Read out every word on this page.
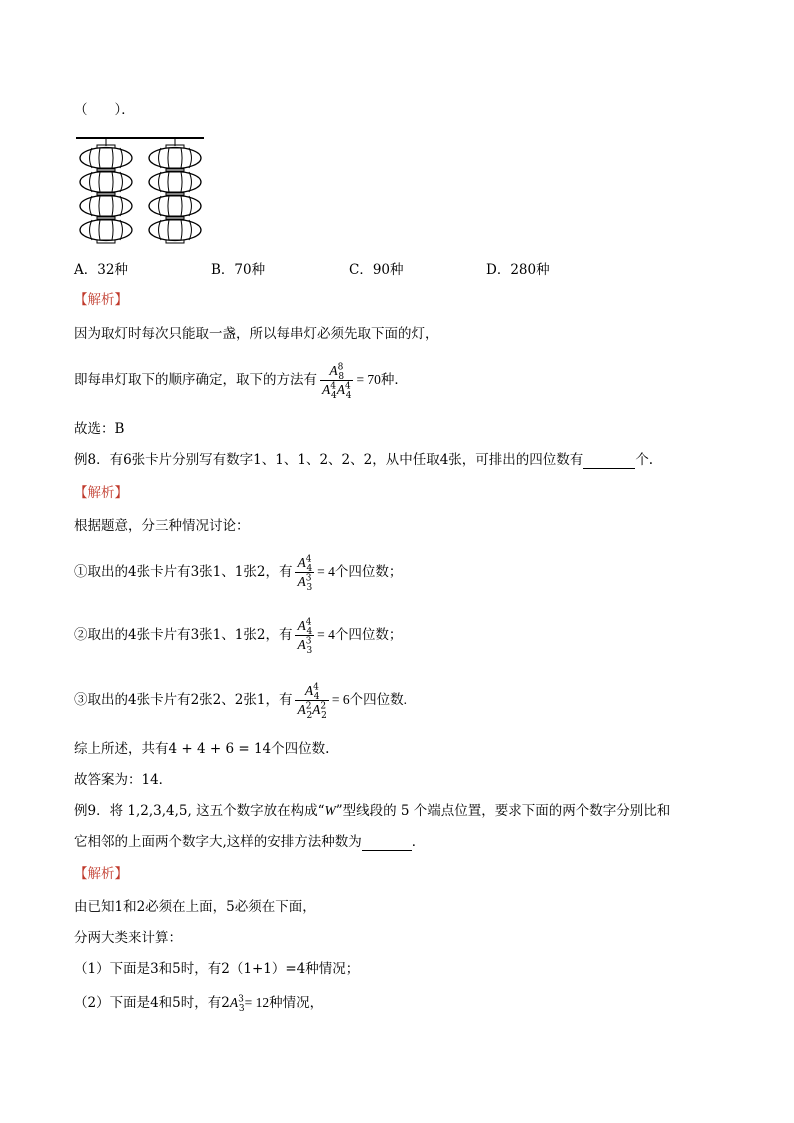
（　　）．
A．32种	B．70种	C．90种	D．280种
【解析】
因为取灯时每次只能取一盏，所以每串灯必须先取下面的灯，
即每串灯取下的顺序确定，取下的方法有 $\frac{A^8_8}{A^4_4A^4_4} = 70$种．
故选：B
例8．有6张卡片分别写有数字1、1、1、2、2、2，从中任取4张，可排出的四位数有	个.
【解析】
根据题意，分三种情况讨论：
①取出的4张卡片有3张1、1张2，有 $\frac{A^4_4}{A^3_3} = 4$个四位数；
②取出的4张卡片有3张1、1张2，有 $\frac{A^4_4}{A^3_3} = 4$个四位数；
③取出的4张卡片有2张2、2张1，有 $\frac{A^4_4}{A^2_2A^2_2} = 6$个四位数.
综上所述，共有4 + 4 + 6 = 14个四位数.
故答案为：14．
例9．将 1,2,3,4,5, 这五个数字放在构成“W”型线段的 5 个端点位置，要求下面的两个数字分别比和
它相邻的上面两个数字大,这样的安排方法种数为	．
【解析】
由已知1和2必须在上面，5必须在下面，
分两大类来计算：
（1）下面是3和5时，有2（1+1）=4种情况；
（2）下面是4和5时，有$2A^3_3= 12$种情况，
